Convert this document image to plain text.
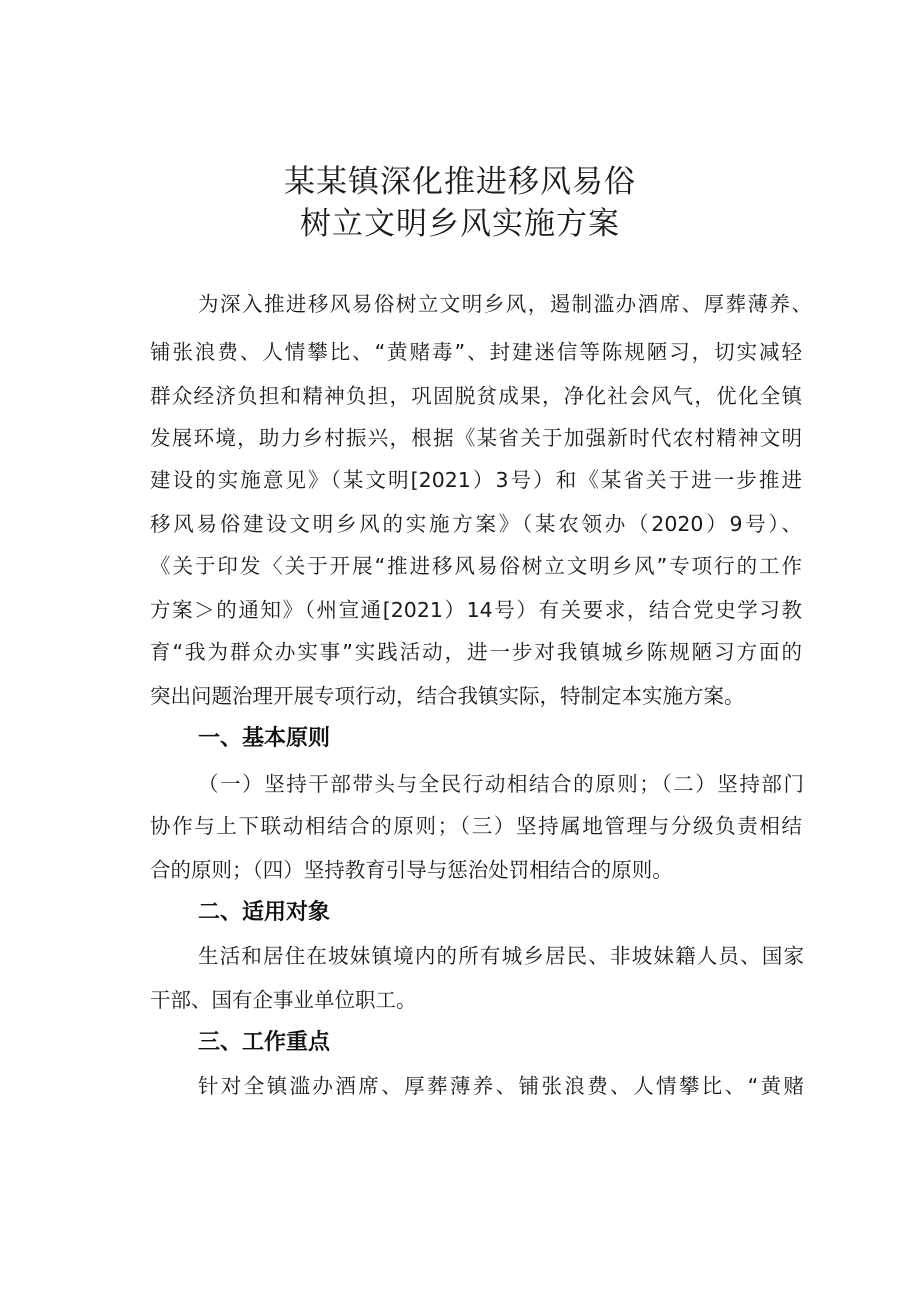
某某镇深化推进移风易俗
树立文明乡风实施方案
为深入推进移风易俗树立文明乡风，遏制滥办酒席、厚葬薄养、
铺张浪费、人情攀比、“黄赌毒”、封建迷信等陈规陋习，切实减轻
群众经济负担和精神负担，巩固脱贫成果，净化社会风气，优化全镇
发展环境，助力乡村振兴，根据《某省关于加强新时代农村精神文明
建设的实施意见》（某文明[2021）3号）和《某省关于进一步推进
移风易俗建设文明乡风的实施方案》（某农领办（2020）9号）、
《关于印发〈关于开展“推进移风易俗树立文明乡风”专项行的工作
方案＞的通知》（州宣通[2021）14号）有关要求，结合党史学习教
育“我为群众办实事”实践活动，进一步对我镇城乡陈规陋习方面的
突出问题治理开展专项行动，结合我镇实际，特制定本实施方案。
一、基本原则
（一）坚持干部带头与全民行动相结合的原则；（二）坚持部门
协作与上下联动相结合的原则；（三）坚持属地管理与分级负责相结
合的原则；（四）坚持教育引导与惩治处罚相结合的原则。
二、适用对象
生活和居住在坡妹镇境内的所有城乡居民、非坡妹籍人员、国家
干部、国有企事业单位职工。
三、工作重点
针对全镇滥办酒席、厚葬薄养、铺张浪费、人情攀比、“黄赌
